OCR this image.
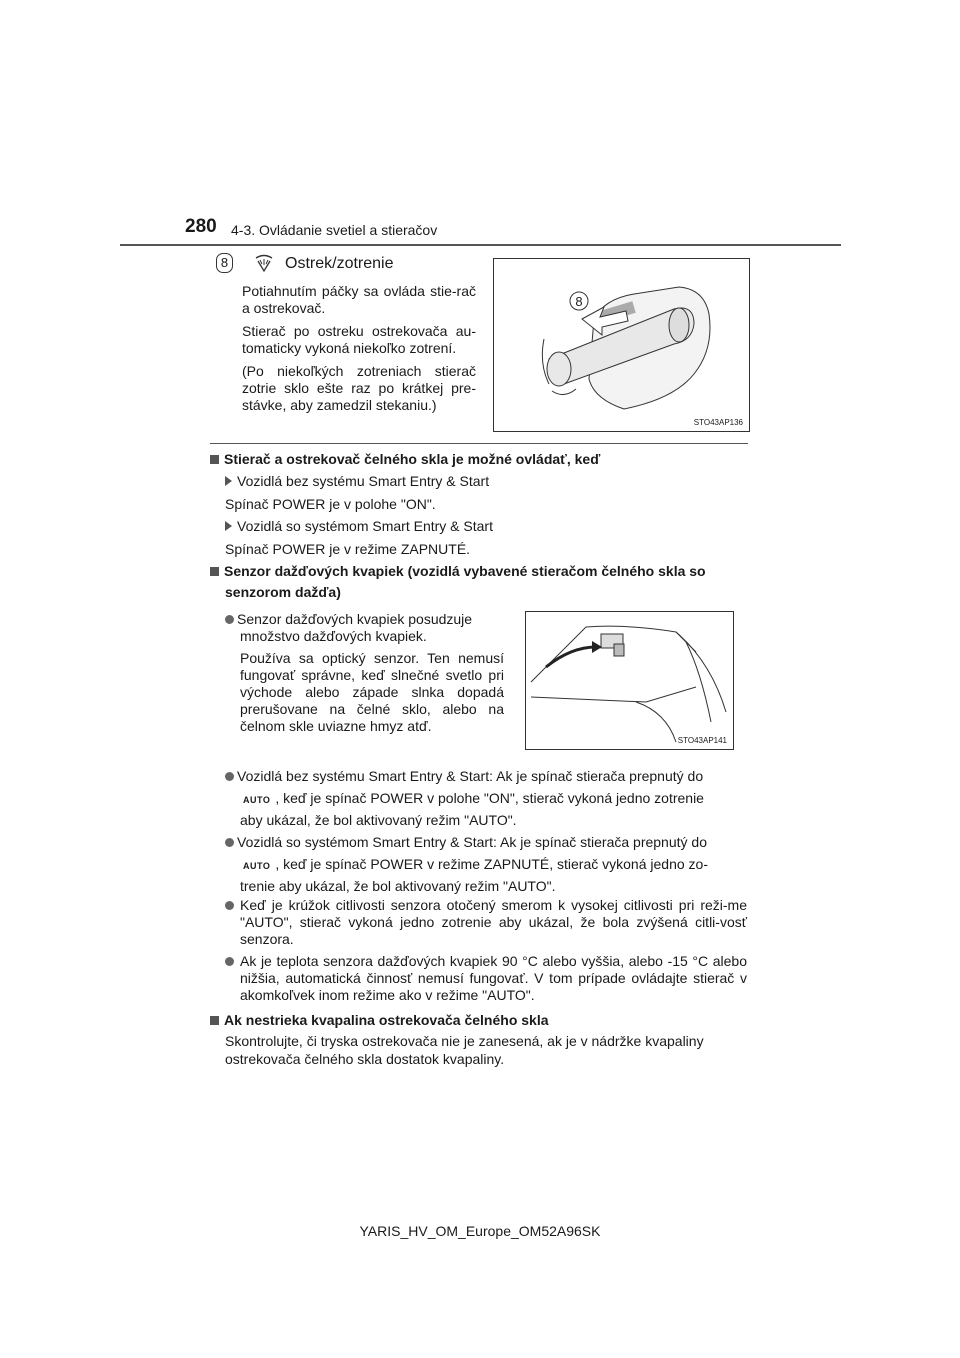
280 4-3. Ovládanie svetiel a stieračov
8	Ostrek/zotrenie
Potiahnutím páčky sa ovláda stie-rač a ostrekovač.
Stierač po ostreku ostrekovača au-tomaticky vykoná niekoľko zotrení.
(Po niekoľkých zotreniach stierač zotrie sklo ešte raz po krátkej pre-stávke, aby zamedzil stekaniu.)
8
STO43AP136
Stierač a ostrekovač čelného skla je možné ovládať, keď
Vozidlá bez systému Smart Entry & Start
Spínač POWER je v polohe "ON".
Vozidlá so systémom Smart Entry & Start
Spínač POWER je v režime ZAPNUTÉ.
Senzor dažďových kvapiek (vozidlá vybavené stieračom čelného skla so
senzorom dažďa)
Senzor dažďových kvapiek posudzuje
množstvo dažďových kvapiek.
Používa sa optický senzor. Ten nemusí fungovať správne, keď slnečné svetlo pri východe alebo západe slnka dopadá prerušovane na čelné sklo, alebo na čelnom skle uviazne hmyz atď.
STO43AP141
Vozidlá bez systému Smart Entry & Start: Ak je spínač stierača prepnutý do
AUTO , keď je spínač POWER v polohe "ON", stierač vykoná jedno zotrenie
aby ukázal, že bol aktivovaný režim "AUTO".
Vozidlá so systémom Smart Entry & Start: Ak je spínač stierača prepnutý do
AUTO , keď je spínač POWER v režime ZAPNUTÉ, stierač vykoná jedno zo-
trenie aby ukázal, že bol aktivovaný režim "AUTO".
Keď je krúžok citlivosti senzora otočený smerom k vysokej citlivosti pri reži-me "AUTO", stierač vykoná jedno zotrenie aby ukázal, že bola zvýšená citli-vosť senzora.
Ak je teplota senzora dažďových kvapiek 90 °C alebo vyššia, alebo -15 °C alebo nižšia, automatická činnosť nemusí fungovať. V tom prípade ovládajte stierač v akomkoľvek inom režime ako v režime "AUTO".
Ak nestrieka kvapalina ostrekovača čelného skla
Skontrolujte, či tryska ostrekovača nie je zanesená, ak je v nádržke kvapaliny
ostrekovača čelného skla dostatok kvapaliny.
YARIS_HV_OM_Europe_OM52A96SK
